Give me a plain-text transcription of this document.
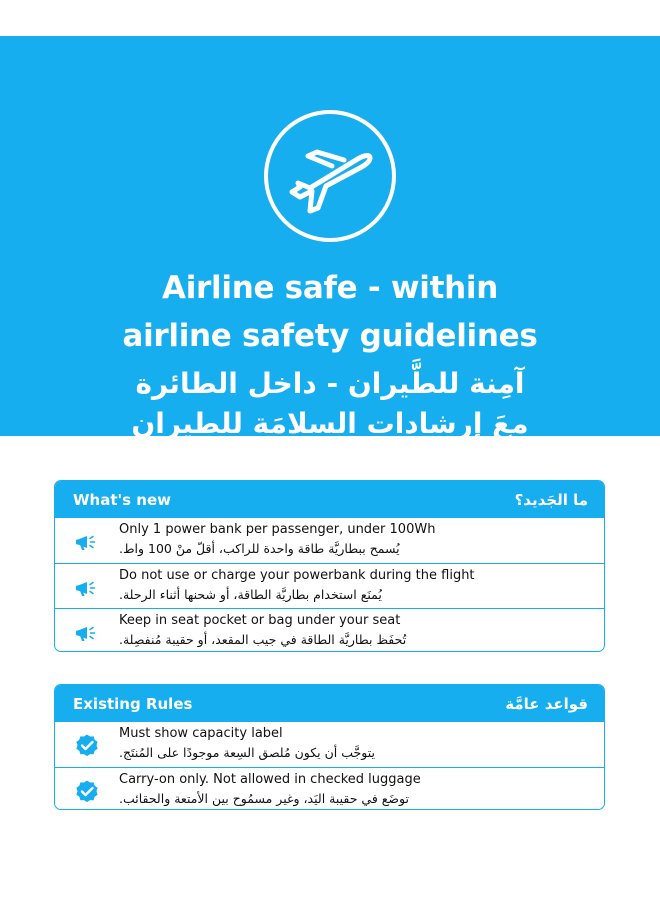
Airline safe - within
airline safety guidelines
آمِنة للطَّيران - داخل الطائرة
معَ إرشادات السلامَة للطيران
What's new	ما الجَديد؟
Only 1 power bank per passenger, under 100Wh
يُسمح ببطاريَّة طاقة واحدة للراكب، أقلّ منْ 100 واط.
Do not use or charge your powerbank during the flight
يُمنَع استخدام بطاريَّة الطاقة، أو شحنها أثناء الرحلة.
Keep in seat pocket or bag under your seat
تُحفَظ بطاريَّة الطاقة في جيب المقعد، أو حقيبة مُنفصِلة.
Existing Rules	قواعد عامَّة
Must show capacity label
يتوجَّب أن يكون مُلصق السِعة موجودًا على المُنتَج.
Carry-on only. Not allowed in checked luggage
توضَع في حقيبة اليَد، وغير مسمُوح بين الأمتعة والحقائب.
